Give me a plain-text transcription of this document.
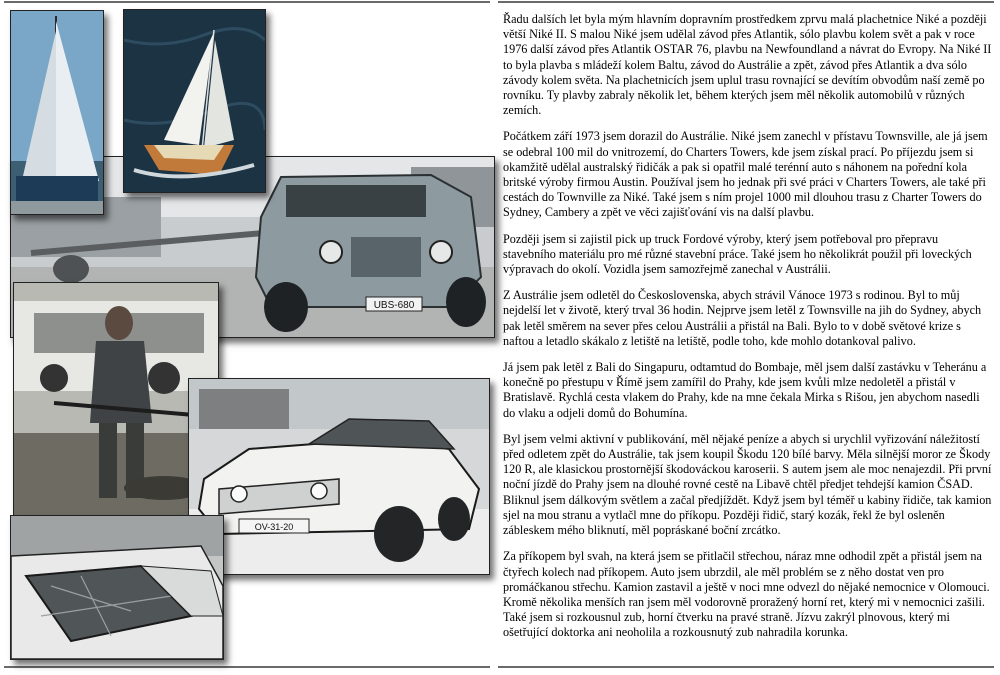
UBS-680
OV-31-20

Řadu dalších let byla mým hlavním dopravním prostředkem zprvu malá plachetnice Niké a později větší Niké II. S malou Niké jsem udělal závod přes Atlantik, sólo plavbu kolem svět a pak v roce 1976 další závod přes Atlantik OSTAR 76, plavbu na Newfoundland a návrat do Evropy. Na Niké II to byla plavba s mládeží kolem Baltu, závod do Austrálie a zpět, závod přes Atlantik a dva sólo závody kolem světa. Na plachetnicích jsem uplul trasu rovnající se devítím obvodům naší země po rovníku. Ty plavby zabraly několik let, během kterých jsem měl několik automobilů v různých zemích.

Počátkem září 1973 jsem dorazil do Austrálie. Niké jsem zanechl v přístavu Townsville, ale já jsem se odebral 100 mil do vnitrozemí, do Charters Towers, kde jsem získal prací. Po příjezdu jsem si okamžitě udělal australský řidičák a pak si opatřil malé terénní auto s náhonem na pořední kola britské výroby firmou Austin. Používal jsem ho jednak při své práci v Charters Towers, ale také při cestách do Townville za Niké. Také jsem s ním projel 1000 mil dlouhou trasu z Charter Towers do Sydney, Cambery a zpět ve věci zajišťování vis na další plavbu.

Později jsem si zajistil pick up truck Fordové výroby, který jsem potřeboval pro přepravu stavebního materiálu pro mé různé stavební práce. Také jsem ho několikrát použil při loveckých výpravach do okolí. Vozidla jsem samozřejmě zanechal v Austrálii.

Z Austrálie jsem odletěl do Československa, abych strávil Vánoce 1973 s rodinou. Byl to můj nejdelší let v životě, který trval 36 hodin. Nejprve jsem letěl z Townsville na jih do Sydney, abych pak letěl směrem na sever přes celou Austrálii a přistál na Bali. Bylo to v době světové krize s naftou a letadlo skákalo z letiště na letiště, podle toho, kde mohlo dotankoval palivo.

Já jsem pak letěl z Bali do Singapuru, odtamtud do Bombaje, měl jsem další zastávku v Teheránu a konečně po přestupu v Římě jsem zamířil do Prahy, kde jsem kvůli mlze nedoletěl a přistál v Bratislavě. Rychlá cesta vlakem do Prahy, kde na mne čekala Mirka s Rišou, jen abychom nasedli do vlaku a odjeli domů do Bohumína.

Byl jsem velmi aktivní v publikování, měl nějaké peníze a abych si urychlil vyřizování náležitostí před odletem zpět do Austrálie, tak jsem koupil Škodu 120 bílé barvy. Měla silnější moror ze Škody 120 R, ale klasickou prostornější škodováckou karoserii. S autem jsem ale moc nenajezdil. Při první noční jízdě do Prahy jsem na dlouhé rovné cestě na Libavě chtěl předjet tehdejší kamion ČSAD. Bliknul jsem dálkovým světlem a začal předjíždět. Když jsem byl téměř u kabiny řidiče, tak kamion sjel na mou stranu a vytlačl mne do příkopu. Později řidič, starý kozák, řekl že byl osleněn zábleskem mého bliknutí, měl popráskané boční zrcátko.

Za příkopem byl svah, na která jsem se přitlačil střechou, náraz mne odhodil zpět a přistál jsem na čtyřech kolech nad příkopem. Auto jsem ubrzdil, ale měl problém se z něho dostat ven pro promáčkanou střechu. Kamion zastavil a ještě v noci mne odvezl do nějaké nemocnice v Olomouci. Kromě několika menších ran jsem měl vodorovně proražený horní ret, který mi v nemocnici zašili. Také jsem si rozkousnul zub, horní čtverku na pravé straně. Jízvu zakrýl plnovous, který mi ošetřující doktorka ani neoholila a rozkousnutý zub nahradila korunka.
